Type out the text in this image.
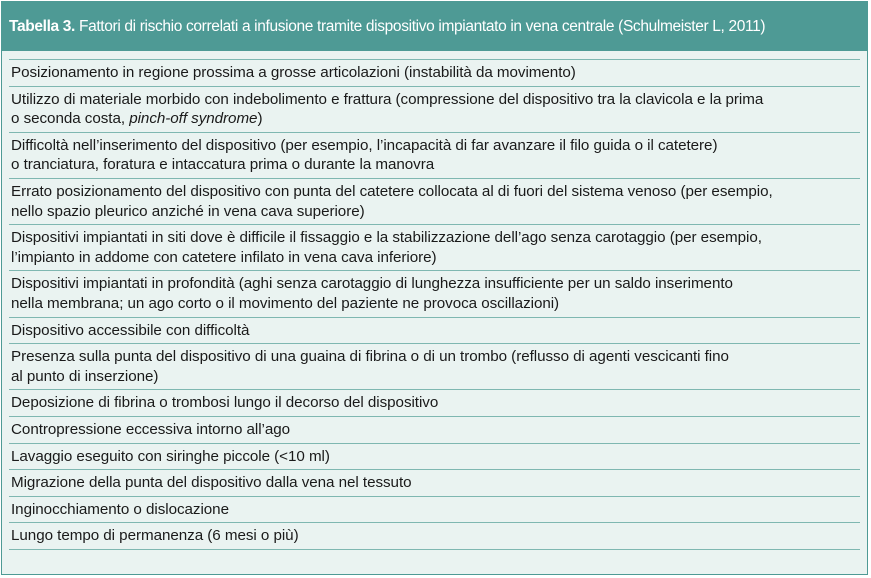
Tabella 3. Fattori di rischio correlati a infusione tramite dispositivo impiantato in vena centrale (Schulmeister L, 2011)
Posizionamento in regione prossima a grosse articolazioni (instabilità da movimento)
Utilizzo di materiale morbido con indebolimento e frattura (compressione del dispositivo tra la clavicola e la prima
o seconda costa, pinch-off syndrome)
Difficoltà nell’inserimento del dispositivo (per esempio, l’incapacità di far avanzare il filo guida o il catetere)
o tranciatura, foratura e intaccatura prima o durante la manovra
Errato posizionamento del dispositivo con punta del catetere collocata al di fuori del sistema venoso (per esempio,
nello spazio pleurico anziché in vena cava superiore)
Dispositivi impiantati in siti dove è difficile il fissaggio e la stabilizzazione dell’ago senza carotaggio (per esempio,
l’impianto in addome con catetere infilato in vena cava inferiore)
Dispositivi impiantati in profondità (aghi senza carotaggio di lunghezza insufficiente per un saldo inserimento
nella membrana; un ago corto o il movimento del paziente ne provoca oscillazioni)
Dispositivo accessibile con difficoltà
Presenza sulla punta del dispositivo di una guaina di fibrina o di un trombo (reflusso di agenti vescicanti fino
al punto di inserzione)
Deposizione di fibrina o trombosi lungo il decorso del dispositivo
Contropressione eccessiva intorno all’ago
Lavaggio eseguito con siringhe piccole (<10 ml)
Migrazione della punta del dispositivo dalla vena nel tessuto
Inginocchiamento o dislocazione
Lungo tempo di permanenza (6 mesi o più)
